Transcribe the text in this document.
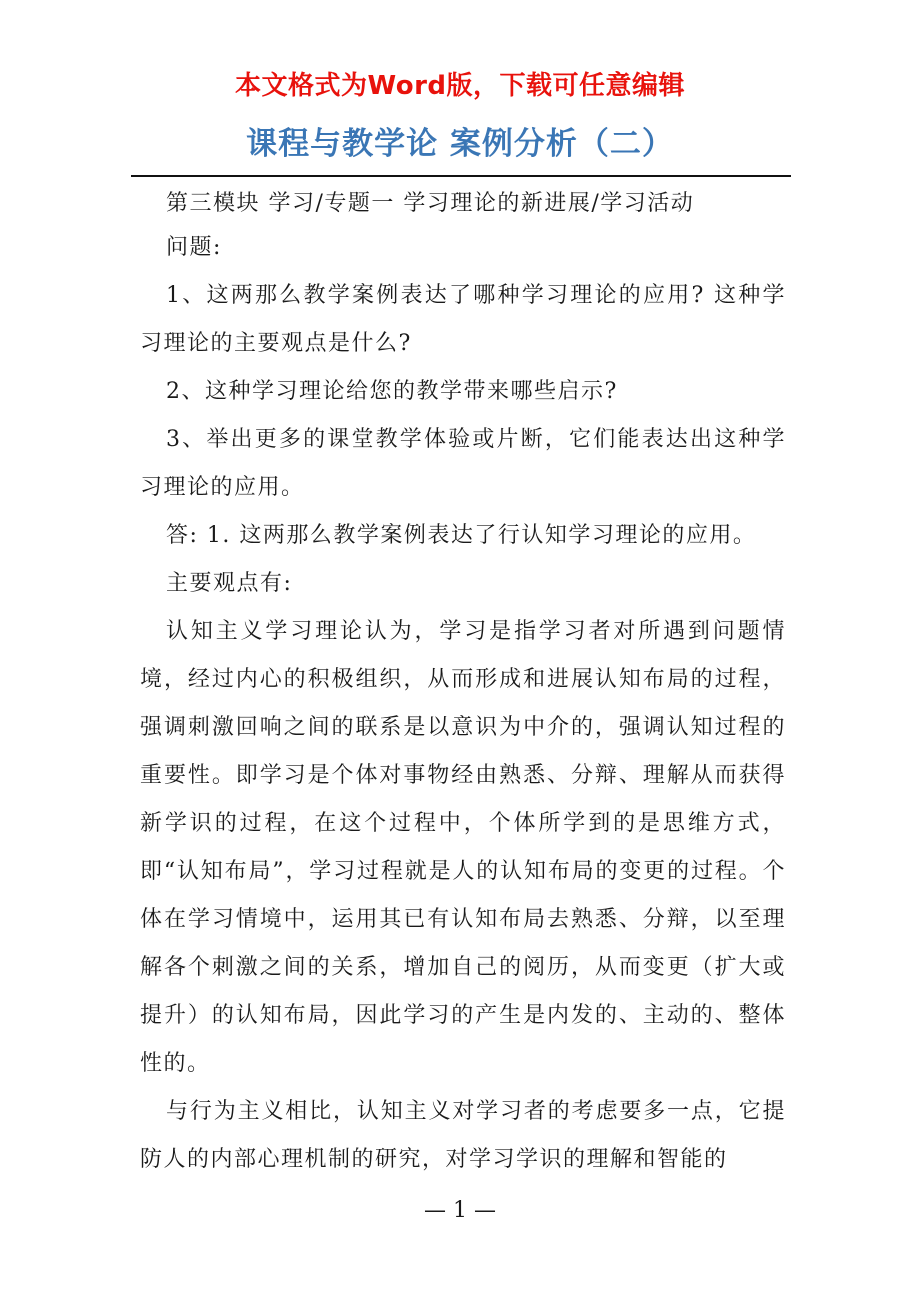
本文格式为Word版，下载可任意编辑
课程与教学论 案例分析（二）

第三模块 学习/专题一 学习理论的新进展/学习活动

问题:

1、这两那么教学案例表达了哪种学习理论的应用? 这种学习理论的主要观点是什么?

2、这种学习理论给您的教学带来哪些启示?

3、举出更多的课堂教学体验或片断，它们能表达出这种学习理论的应用。

答: 1. 这两那么教学案例表达了行认知学习理论的应用。

主要观点有:

认知主义学习理论认为，学习是指学习者对所遇到问题情境，经过内心的积极组织，从而形成和进展认知布局的过程，强调刺激回响之间的联系是以意识为中介的，强调认知过程的重要性。即学习是个体对事物经由熟悉、分辩、理解从而获得新学识的过程，在这个过程中，个体所学到的是思维方式，即“认知布局”，学习过程就是人的认知布局的变更的过程。个体在学习情境中，运用其已有认知布局去熟悉、分辩，以至理解各个刺激之间的关系，增加自己的阅历，从而变更（扩大或提升）的认知布局，因此学习的产生是内发的、主动的、整体性的。

与行为主义相比，认知主义对学习者的考虑要多一点，它提防人的内部心理机制的研究，对学习学识的理解和智能的

— 1 —
